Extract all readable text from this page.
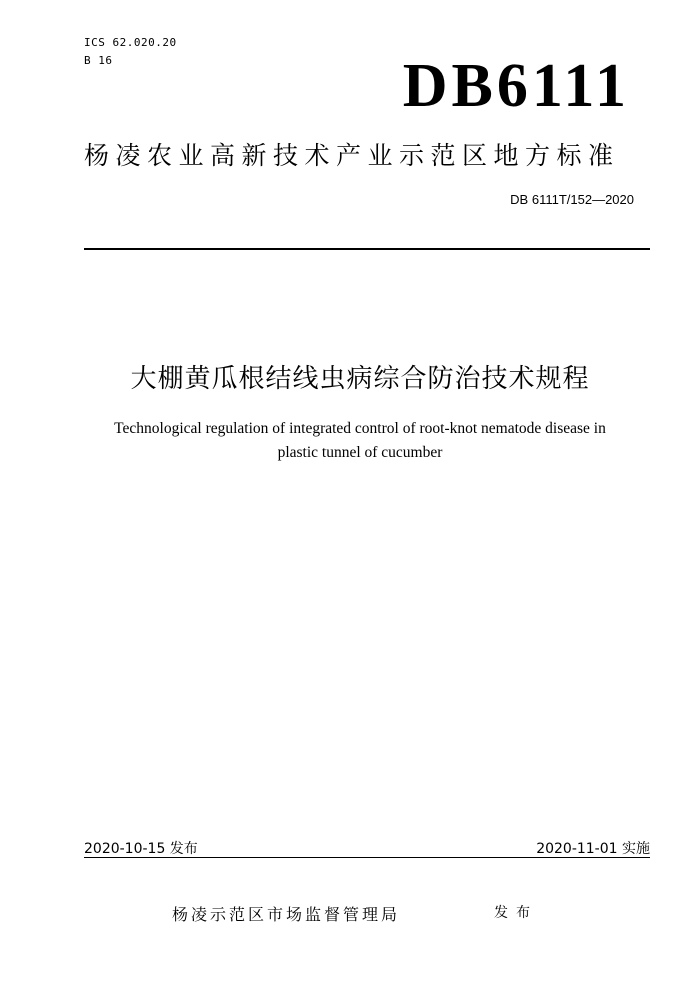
ICS 62.020.20
B 16	DB6111
杨凌农业高新技术产业示范区地方标准
DB 6111T/152—2020
大棚黄瓜根结线虫病综合防治技术规程
Technological regulation of integrated control of root-knot nematode disease in
plastic tunnel of cucumber
2020-10-15 发布	2020-11-01 实施
杨凌示范区市场监督管理局	发布
